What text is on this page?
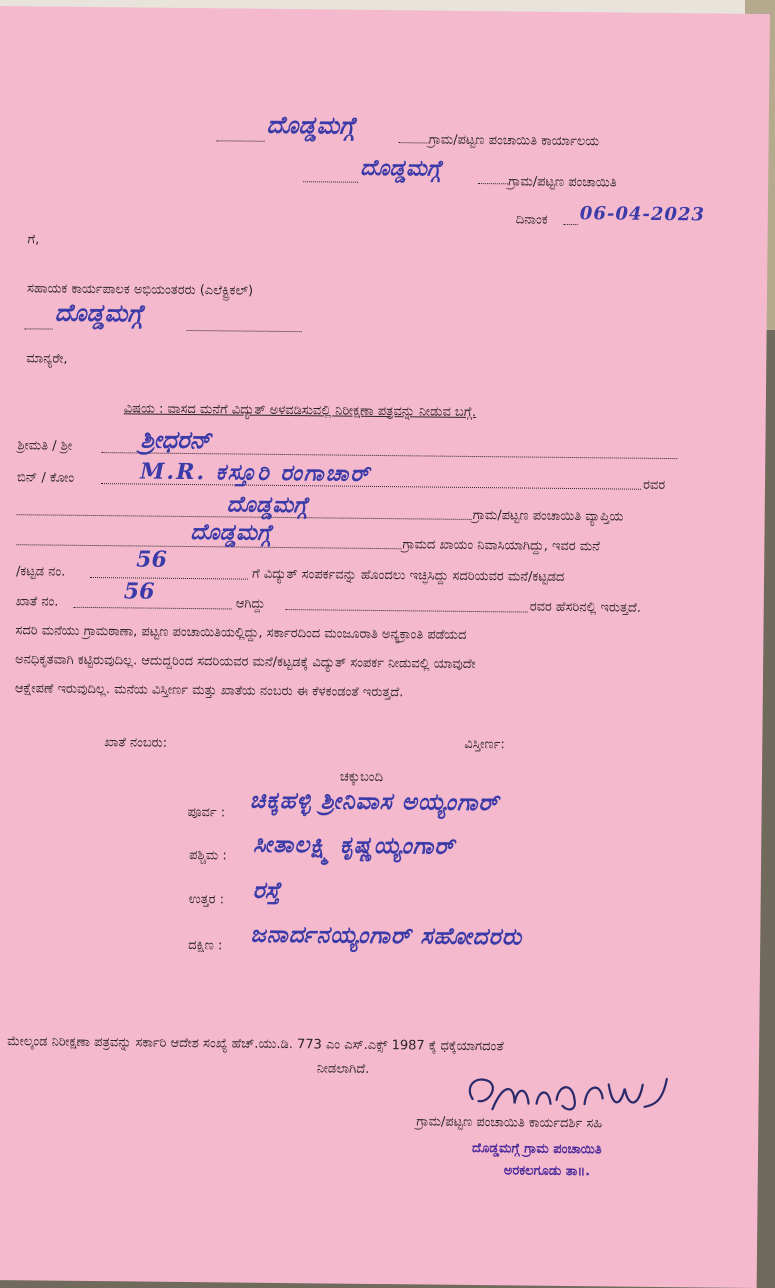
ದೊಡ್ಡಮಗ್ಗೆ
ಗ್ರಾಮ/ಪಟ್ಟಣ ಪಂಚಾಯಿತಿ ಕಾರ್ಯಾಲಯ
ದೊಡ್ಡಮಗ್ಗೆ
ಗ್ರಾಮ/ಪಟ್ಟಣ ಪಂಚಾಯಿತಿ
ದಿನಾಂಕ 06-04-2023
ಗೆ,
ಸಹಾಯಕ ಕಾರ್ಯಪಾಲಕ ಅಭಿಯಂತರರು (ಎಲೆಕ್ಟ್ರಿಕಲ್)
ದೊಡ್ಡಮಗ್ಗೆ
ಮಾನ್ಯರೇ,
ವಿಷಯ : ವಾಸದ ಮನೆಗೆ ವಿದ್ಯುತ್ ಅಳವಡಿಸುವಲ್ಲಿ ನಿರೀಕ್ಷಣಾ ಪತ್ರವನ್ನು ನೀಡುವ ಬಗ್ಗೆ.
ಶ್ರೀಮತಿ / ಶ್ರೀ	ಶ್ರೀಧರನ್
ಬಿನ್ / ಕೋಂ	M.R. ಕಸ್ತೂರಿ ರಂಗಾಚಾರ್	ರವರ
ದೊಡ್ಡಮಗ್ಗೆ	ಗ್ರಾಮ/ಪಟ್ಟಣ ಪಂಚಾಯಿತಿ ವ್ಯಾಪ್ತಿಯ
ದೊಡ್ಡಮಗ್ಗೆ	ಗ್ರಾಮದ ಖಾಯಂ ನಿವಾಸಿಯಾಗಿದ್ದು, ಇವರ ಮನೆ
/ಕಟ್ಟಡ ನಂ.	56
ಗೆ ವಿದ್ಯುತ್ ಸಂಪರ್ಕವನ್ನು ಹೊಂದಲು ಇಚ್ಛಿಸಿದ್ದು ಸದರಿಯವರ ಮನೆ/ಕಟ್ಟಡದ
ಖಾತೆ ನಂ.	56	ಆಗಿದ್ದು	ರವರ ಹೆಸರಿನಲ್ಲಿ ಇರುತ್ತದೆ.
ಸದರಿ ಮನೆಯು ಗ್ರಾಮಠಾಣಾ, ಪಟ್ಟಣ ಪಂಚಾಯಿತಿಯಲ್ಲಿದ್ದು, ಸರ್ಕಾರದಿಂದ ಮಂಜೂರಾತಿ ಅನ್ಯಕ್ರಾಂತಿ ಪಡೆಯದ
ಅನಧಿಕೃತವಾಗಿ ಕಟ್ಟಿರುವುದಿಲ್ಲ. ಆದುದ್ದರಿಂದ ಸದರಿಯವರ ಮನೆ/ಕಟ್ಟಡಕ್ಕೆ ವಿದ್ಯುತ್ ಸಂಪರ್ಕ ನೀಡುವಲ್ಲಿ ಯಾವುದೇ
ಆಕ್ಷೇಪಣೆ ಇರುವುದಿಲ್ಲ. ಮನೆಯ ವಿಸ್ತೀರ್ಣ ಮತ್ತು ಖಾತೆಯ ನಂಬರು ಈ ಕೆಳಕಂಡಂತೆ ಇರುತ್ತದೆ.
ಖಾತೆ ನಂಬರು:	ವಿಸ್ತೀರ್ಣ:
ಚಕ್ಕುಬಂದಿ
ಪೂರ್ವ : ಚಿಕ್ಕಹಳ್ಳಿ ಶ್ರೀನಿವಾಸ ಅಯ್ಯಂಗಾರ್
ಪಶ್ಚಿಮ : ಸೀತಾಲಕ್ಷ್ಮಿ ಕೃಷ್ಣಯ್ಯಂಗಾರ್
ಉತ್ತರ : ರಸ್ತೆ
ದಕ್ಷಿಣ : ಜನಾರ್ದನಯ್ಯಂಗಾರ್ ಸಹೋದರರು
ಮೇಲ್ಕಂಡ ನಿರೀಕ್ಷಣಾ ಪತ್ರವನ್ನು ಸರ್ಕಾರಿ ಆದೇಶ ಸಂಖ್ಯೆ ಹೆಚ್.ಯು.ಡಿ. 773 ಎಂ ಎಸ್.ಎಕ್ಸ್ 1987 ಕ್ಕೆ ಧಕ್ಕೆಯಾಗದಂತೆ
ನೀಡಲಾಗಿದೆ.
ಗ್ರಾಮ/ಪಟ್ಟಣ ಪಂಚಾಯಿತಿ ಕಾರ್ಯದರ್ಶಿ ಸಹಿ
ದೊಡ್ಡಮಗ್ಗೆ ಗ್ರಾಮ ಪಂಚಾಯಿತಿ
ಅರಕಲಗೂಡು ತಾ॥.
